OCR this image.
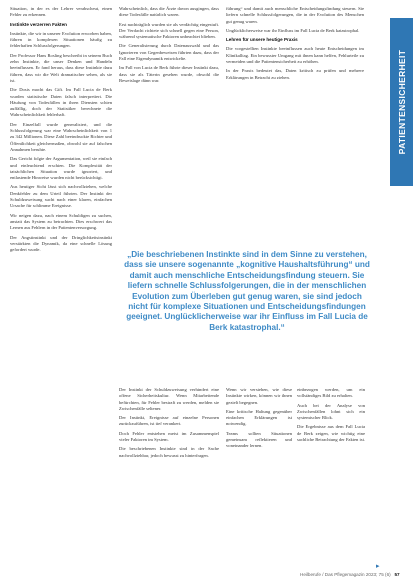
Situation, in der es der Lehrer verabscheut, einen Fehler zu erkennen.

Instinkte verzerren Fakten

Instinkte, die wir in unserer Evolution erworben haben, führen in komplexen Situationen häufig zu fehlerhaften Schlussfolgerungen.

Der Professor Hans Rosling beschreibt in seinem Buch zehn Instinkte, die unser Denken und Handeln beeinflussen. Er fand heraus, dass diese Instinkte dazu führen, dass wir die Welt dramatischer sehen, als sie ist.

Die Dosis macht das Gift. Im Fall Lucia de Berk wurden statistische Daten falsch interpretiert. Die Häufung von Todesfällen in ihren Diensten schien auffällig, doch der Statistiker berechnete die Wahrscheinlichkeit fehlerhaft.

Der Einzelfall wurde generalisiert, und die Schlussfolgerung war eine Wahrscheinlichkeit von 1 zu 342 Millionen. Diese Zahl beeindruckte Richter und Öffentlichkeit gleichermaßen, obwohl sie auf falschen Annahmen beruhte.

Das Gericht folgte der Argumentation, weil sie einfach und einleuchtend erschien. Die Komplexität der tatsächlichen Situation wurde ignoriert, und entlastende Hinweise wurden nicht berücksichtigt.

Aus heutiger Sicht lässt sich nachvollziehen, welche Denkfehler zu dem Urteil führten. Der Instinkt der Schuldzuweisung sucht nach einer klaren, einfachen Ursache für schlimme Ereignisse.

Wir neigen dazu, nach einem Schuldigen zu suchen, anstatt das System zu betrachten. Dies erschwert das Lernen aus Fehlern in der Patientenversorgung.

Der Angstinstinkt und der Dringlichkeitsinstinkt verstärkten die Dynamik, da eine schnelle Lösung gefordert wurde.

Wahrscheinlich, dass die Ärzte davon ausgingen, dass diese Todesfälle natürlich waren.

Erst nachträglich wurden sie als verdächtig eingestuft. Der Verdacht richtete sich schnell gegen eine Person, während systematische Faktoren unbeachtet blieben.

Die Generalisierung durch Datenauswahl und das Ignorieren von Gegenbeweisen führten dazu, dass der Fall eine Eigendynamik entwickelte.

Im Fall von Lucia de Berk führte dieser Instinkt dazu, dass sie als Täterin gesehen wurde, obwohl die Beweislage dünn war.

führung“ und damit auch menschliche Entscheidungsfindung steuern. Sie liefern schnelle Schlussfolgerungen, die in der Evolution des Menschen gut genug waren.

Unglücklicherweise war ihr Einfluss im Fall Lucia de Berk katastrophal.

Lehren für unsere heutige Praxis

Die vorgestellten Instinkte beeinflussen auch heute Entscheidungen im Klinikalltag. Ein bewusster Umgang mit ihnen kann helfen, Fehlurteile zu vermeiden und die Patientensicherheit zu erhöhen.

In der Praxis bedeutet das, Daten kritisch zu prüfen und mehrere Erklärungen in Betracht zu ziehen.

„Die beschriebenen Instinkte sind in dem Sinne zu verstehen, dass sie unsere sogenannte „kognitive Haushaltsführung“ und damit auch menschliche Entscheidungsfindung steuern. Sie liefern schnelle Schlussfolgerungen, die in der menschlichen Evolution zum Überleben gut genug waren, sie sind jedoch nicht für komplexe Situationen und Entscheidungsfindungen geeignet. Unglücklicherweise war ihr Einfluss im Fall Lucia de Berk katastrophal.“

Der Instinkt der Schuldzuweisung verhindert eine offene Sicherheitskultur. Wenn Mitarbeitende befürchten, für Fehler bestraft zu werden, melden sie Zwischenfälle seltener.

Der Instinkt, Ereignisse auf einzelne Personen zurückzuführen, ist tief verankert.

Doch Fehler entstehen meist im Zusammenspiel vieler Faktoren im System.

Die beschriebenen Instinkte sind in der Sache nachvollziehbar, jedoch bewusst zu hinterfragen.

Wenn wir verstehen, wie diese Instinkte wirken, können wir ihnen gezielt begegnen.

Eine kritische Haltung gegenüber einfachen Erklärungen ist notwendig.

Teams sollten Situationen gemeinsam reflektieren und voneinander lernen.

einbezogen werden, um ein vollständiges Bild zu erhalten.

Auch bei der Analyse von Zwischenfällen lohnt sich ein systemischer Blick.

Die Ergebnisse aus dem Fall Lucia de Berk zeigen, wie wichtig eine sachliche Betrachtung der Fakten ist.

PATIENTENSICHERHEIT
▸
Heilberufe / Das Pflegemagazin 2023; 75 (6) 57
